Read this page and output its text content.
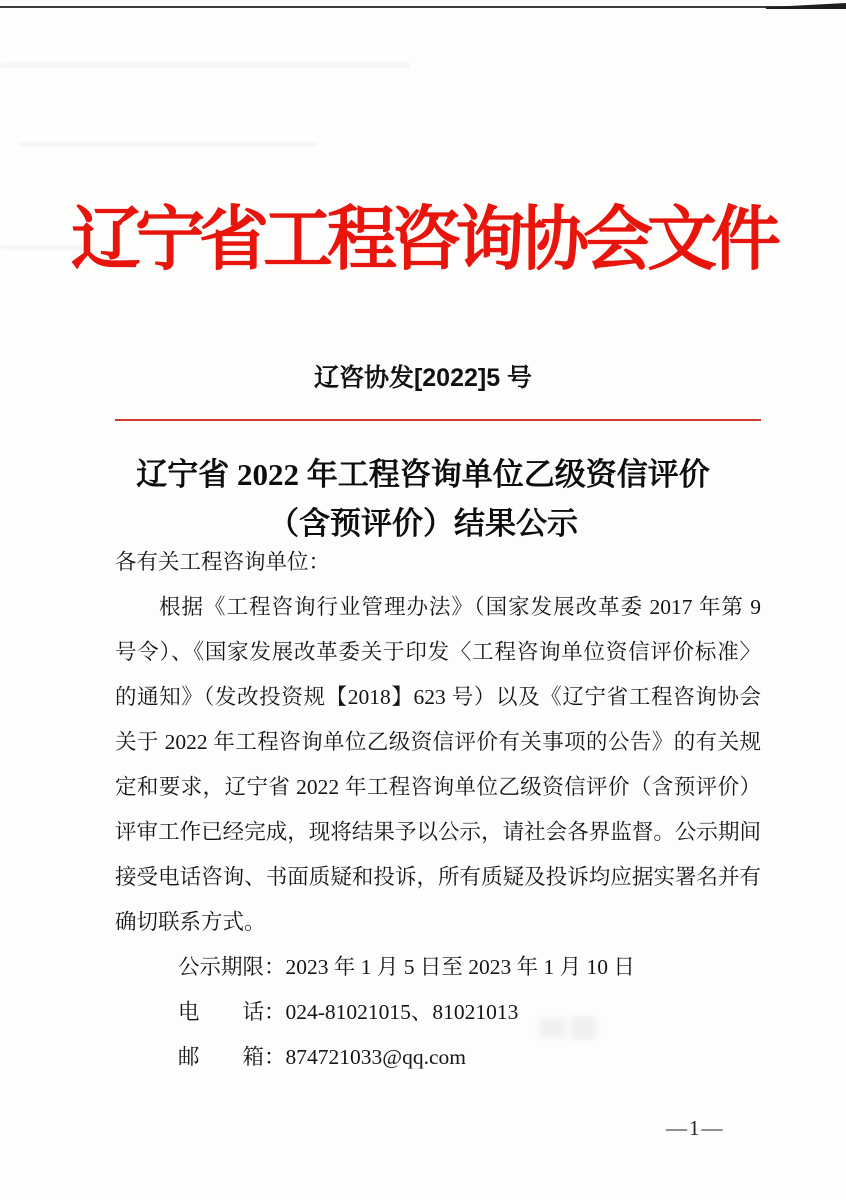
辽宁省工程咨询协会文件
辽咨协发[2022]5 号
辽宁省 2022 年工程咨询单位乙级资信评价
（含预评价）结果公示
各有关工程咨询单位：
根据《工程咨询行业管理办法》（国家发展改革委 2017 年第 9
号令）、《国家发展改革委关于印发〈工程咨询单位资信评价标准〉
的通知》（发改投资规【2018】623 号）以及《辽宁省工程咨询协会
关于 2022 年工程咨询单位乙级资信评价有关事项的公告》的有关规
定和要求，辽宁省 2022 年工程咨询单位乙级资信评价（含预评价）
评审工作已经完成，现将结果予以公示，请社会各界监督。公示期间
接受电话咨询、书面质疑和投诉，所有质疑及投诉均应据实署名并有
确切联系方式。
公示期限：2023 年 1 月 5 日至 2023 年 1 月 10 日
电　　话：024-81021015、81021013
邮　　箱：874721033@qq.com
—1—
